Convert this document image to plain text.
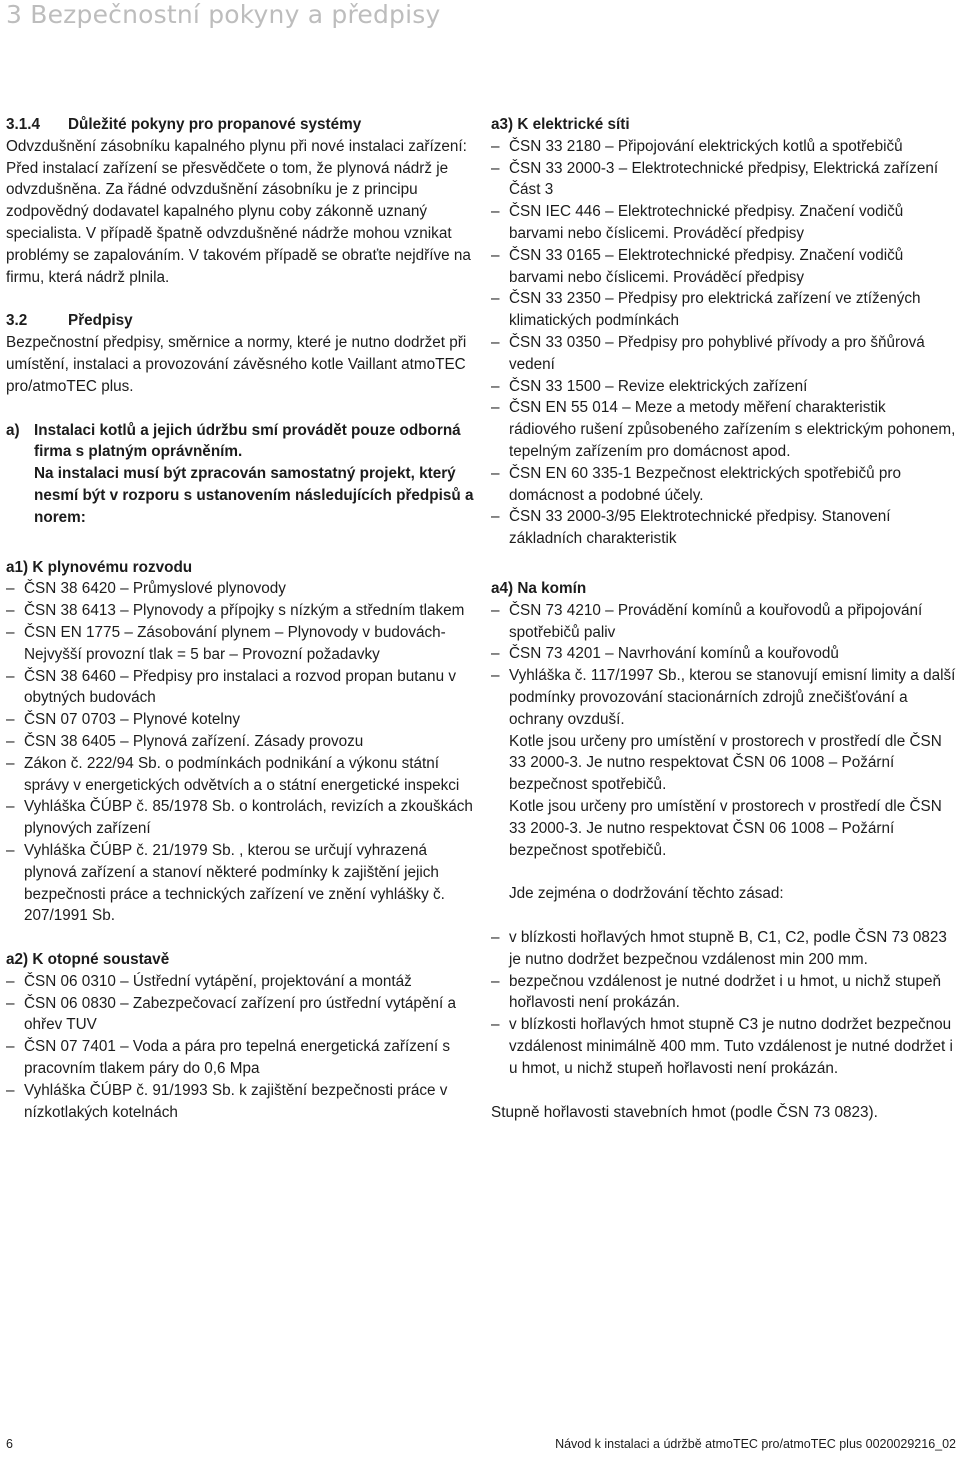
3 Bezpečnostní pokyny a předpisy
3.1.4 Důležité pokyny pro propanové systémy

Odvzdušnění zásobníku kapalného plynu při nové instalaci zařízení:

Před instalací zařízení se přesvědčete o tom, že plynová nádrž je odvzdušněna. Za řádné odvzdušnění zásobníku je z principu zodpovědný dodavatel kapalného plynu coby zákonně uznaný specialista. V případě špatně odvzdušněné nádrže mohou vznikat problémy se zapalováním. V takovém případě se obraťte nejdříve na firmu, která nádrž plnila.

3.2	Předpisy

Bezpečnostní předpisy, směrnice a normy, které je nutno dodržet při umístění, instalaci a provozování závěsného kotle Vaillant atmoTEC pro/atmoTEC plus.

a) Instalaci kotlů a jejich údržbu smí provádět pouze odborná firma s platným oprávněním.
Na instalaci musí být zpracován samostatný projekt, který nesmí být v rozporu s ustanovením následujících předpisů a norem:
a1) K plynovému rozvodu
– ČSN 38 6420 – Průmyslové plynovody
– ČSN 38 6413 – Plynovody a přípojky s nízkým a středním tlakem
– ČSN EN 1775 – Zásobování plynem – Plynovody v budovách- Nejvyšší provozní tlak = 5 bar – Provozní požadavky
– ČSN 38 6460 – Předpisy pro instalaci a rozvod propan butanu v obytných budovách
– ČSN 07 0703 – Plynové kotelny
– ČSN 38 6405 – Plynová zařízení. Zásady provozu
– Zákon č. 222/94 Sb. o podmínkách podnikání a výkonu státní správy v energetických odvětvích a o státní energetické inspekci
– Vyhláška ČÚBP č. 85/1978 Sb. o kontrolách, revizích a zkouškách plynových zařízení
– Vyhláška ČÚBP č. 21/1979 Sb. , kterou se určují vyhrazená plynová zařízení a stanoví některé podmínky k zajištění jejich bezpečnosti práce a technických zařízení ve znění vyhlášky č. 207/1991 Sb.
a2) K otopné soustavě
– ČSN 06 0310 – Ústřední vytápění, projektování a montáž
– ČSN 06 0830 – Zabezpečovací zařízení pro ústřední vytápění a ohřev TUV
– ČSN 07 7401 – Voda a pára pro tepelná energetická zařízení s pracovním tlakem páry do 0,6 Mpa
– Vyhláška ČÚBP č. 91/1993 Sb. k zajištění bezpečnosti práce v nízkotlakých kotelnách
a3) K elektrické síti
– ČSN 33 2180 – Připojování elektrických kotlů a spotřebičů
– ČSN 33 2000-3 – Elektrotechnické předpisy, Elektrická zařízení Část 3
– ČSN IEC 446 – Elektrotechnické předpisy. Značení vodičů barvami nebo číslicemi. Prováděcí předpisy
– ČSN 33 0165 – Elektrotechnické předpisy. Značení vodičů barvami nebo číslicemi. Prováděcí předpisy
– ČSN 33 2350 – Předpisy pro elektrická zařízení ve ztížených klimatických podmínkách
– ČSN 33 0350 – Předpisy pro pohyblivé přívody a pro šňůrová vedení
– ČSN 33 1500 – Revize elektrických zařízení
– ČSN EN 55 014 – Meze a metody měření charakteristik rádiového rušení způsobeného zařízením s elektrickým pohonem, tepelným zařízením pro domácnost apod.
– ČSN EN 60 335-1 Bezpečnost elektrických spotřebičů pro domácnost a podobné účely.
– ČSN 33 2000-3/95 Elektrotechnické předpisy. Stanovení základních charakteristik
a4) Na komín
– ČSN 73 4210 – Provádění komínů a kouřovodů a připojování spotřebičů paliv
– ČSN 73 4201 – Navrhování komínů a kouřovodů
– Vyhláška č. 117/1997 Sb., kterou se stanovují emisní limity a další podmínky provozování stacionárních zdrojů znečišťování a ochrany ovzduší.
Kotle jsou určeny pro umístění v prostorech v prostředí dle ČSN 33 2000-3. Je nutno respektovat ČSN 06 1008 – Požární bezpečnost spotřebičů.
Kotle jsou určeny pro umístění v prostorech v prostředí dle ČSN 33 2000-3. Je nutno respektovat ČSN 06 1008 – Požární bezpečnost spotřebičů.
Jde zejména o dodržování těchto zásad:
– v blízkosti hořlavých hmot stupně B, C1, C2, podle ČSN 73 0823 je nutno dodržet bezpečnou vzdálenost min 200 mm.
– bezpečnou vzdálenost je nutné dodržet i u hmot, u nichž stupeň hořlavosti není prokázán.
– v blízkosti hořlavých hmot stupně C3 je nutno dodržet bezpečnou vzdálenost minimálně 400 mm. Tuto vzdálenost je nutné dodržet i u hmot, u nichž stupeň hořlavosti není prokázán.
Stupně hořlavosti stavebních hmot (podle ČSN 73 0823).
6	Návod k instalaci a údržbě atmoTEC pro/atmoTEC plus 0020029216_02
